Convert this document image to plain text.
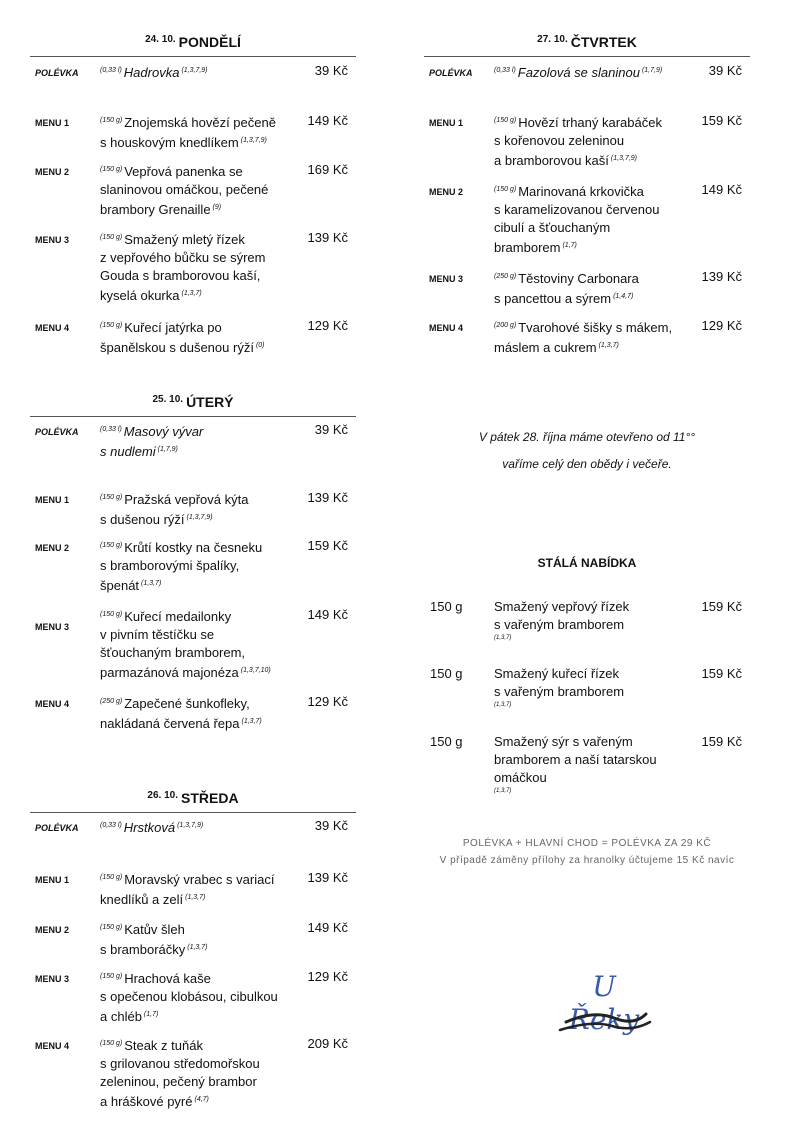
$^{24. 10.}$ PONDĚLÍ
POLÉVKA	$^{(0,33 l)}$ Hadrovka $^{(1,3,7,9)}$	39 Kč
MENU 1	$^{(150 g)}$ Znojemská hovězí pečeně
s houskovým knedlíkem $^{(1,3,7,9)}$
149 Kč
MENU 2	$^{(150 g)}$ Vepřová panenka se
slaninovou omáčkou, pečené
brambory Grenaille $^{(9)}$
169 Kč
MENU 3	$^{(150 g)}$ Smažený mletý řízek
z vepřového bůčku se sýrem
Gouda s bramborovou kaší,
kyselá okurka $^{(1,3,7)}$
139 Kč
MENU 4	$^{(150 g)}$ Kuřecí jatýrka po
španělskou s dušenou rýží $^{(0)}$
129 Kč
$^{25. 10.}$ ÚTERÝ
POLÉVKA	$^{(0,33 l)}$ Masový vývar
s nudlemi $^{(1,7,9)}$
39 Kč
MENU 1	$^{(150 g)}$ Pražská vepřová kýta
s dušenou rýží $^{(1,3,7,9)}$
139 Kč
MENU 2	$^{(150 g)}$ Krůtí kostky na česneku
s bramborovými špalíky,
špenát $^{(1,3,7)}$
159 Kč
MENU 3
$^{(150 g)}$ Kuřecí medailonky
v pivním těstíčku se
šťouchaným bramborem,
parmazánová majonéza $^{(1,3,7,10)}$
149 Kč
MENU 4	$^{(250 g)}$ Zapečené šunkofleky,
nakládaná červená řepa $^{(1,3,7)}$
129 Kč
$^{26. 10.}$ STŘEDA
POLÉVKA	$^{(0,33 l)}$ Hrstková $^{(1,3,7,9)}$	39 Kč
MENU 1	$^{(150 g)}$ Moravský vrabec s variací
knedlíků a zelí $^{(1,3,7)}$
139 Kč
MENU 2	$^{(150 g)}$ Katův šleh
s bramboráčky $^{(1,3,7)}$
149 Kč
MENU 3	$^{(150 g)}$ Hrachová kaše
s opečenou klobásou, cibulkou
a chléb $^{(1,7)}$
129 Kč
MENU 4	$^{(150 g)}$ Steak z tuňák
s grilovanou středomořskou
zeleninou, pečený brambor
a hráškové pyré $^{(4,7)}$
209 Kč
$^{27. 10.}$ ČTVRTEK
POLÉVKA	$^{(0,33 l)}$ Fazolová se slaninou $^{(1,7,9)}$	39 Kč
MENU 1	$^{(150 g)}$ Hovězí trhaný karabáček
s kořenovou zeleninou
a bramborovou kaší $^{(1,3,7,9)}$
159 Kč
MENU 2	$^{(150 g)}$ Marinovaná krkovička
s karamelizovanou červenou
cibulí a šťouchaným
bramborem $^{(1,7)}$
149 Kč
MENU 3	$^{(250 g)}$ Těstoviny Carbonara
s pancettou a sýrem $^{(1,4,7)}$
139 Kč
MENU 4	$^{(200 g)}$ Tvarohové šišky s mákem,
máslem a cukrem $^{(1,3,7)}$
129 Kč
V pátek 28. října máme otevřeno od 11°°
vaříme celý den obědy i večeře.
STÁLÁ NABÍDKA
150 g Smažený vepřový řízek
s vařeným bramborem
(1,3,7)
159 Kč
150 g Smažený kuřecí řízek
s vařeným bramborem
(1,3,7)
159 Kč
150 g Smažený sýr s vařeným
bramborem a naší tatarskou
omáčkou
(1,3,7)
159 Kč
POLÉVKA + HLAVNÍ CHOD = POLÉVKA ZA 29 KČ
V případě záměny přílohy za hranolky účtujeme 15 Kč navíc
U Řeky
